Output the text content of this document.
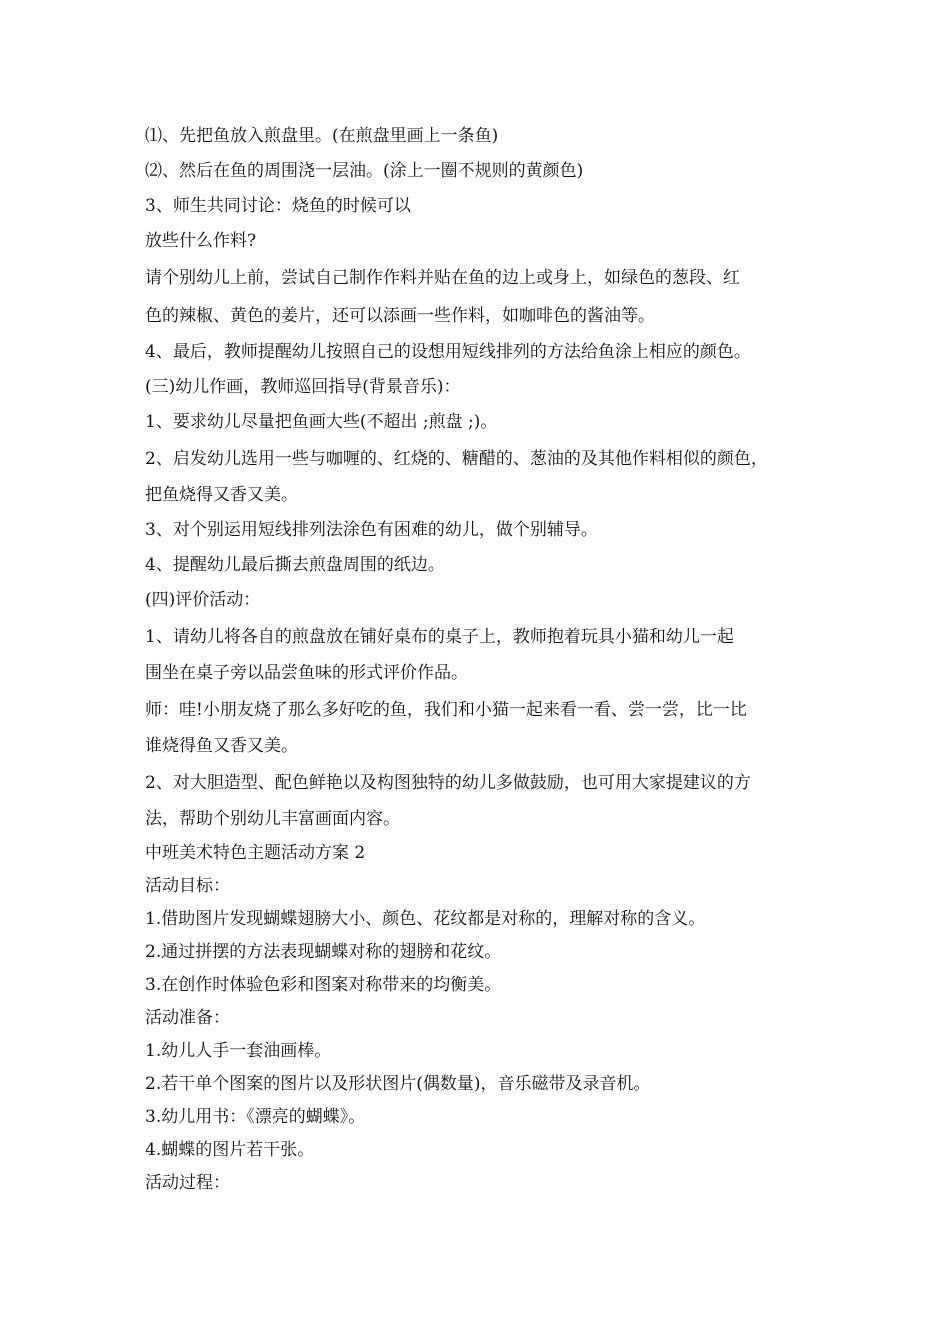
⑴、先把鱼放入煎盘里。(在煎盘里画上一条鱼)

⑵、然后在鱼的周围浇一层油。(涂上一圈不规则的黄颜色)

3、师生共同讨论：烧鱼的时候可以

放些什么作料?

请个别幼儿上前，尝试自己制作作料并贴在鱼的边上或身上，如绿色的葱段、红

色的辣椒、黄色的姜片，还可以添画一些作料，如咖啡色的酱油等。

4、最后，教师提醒幼儿按照自己的设想用短线排列的方法给鱼涂上相应的颜色。

(三)幼儿作画，教师巡回指导(背景音乐)：

1、要求幼儿尽量把鱼画大些(不超出 ;煎盘 ;)。

2、启发幼儿选用一些与咖喱的、红烧的、糖醋的、葱油的及其他作料相似的颜色，

把鱼烧得又香又美。

3、对个别运用短线排列法涂色有困难的幼儿，做个别辅导。

4、提醒幼儿最后撕去煎盘周围的纸边。

(四)评价活动：

1、请幼儿将各自的煎盘放在铺好桌布的桌子上，教师抱着玩具小猫和幼儿一起

围坐在桌子旁以品尝鱼味的形式评价作品。

师：哇!小朋友烧了那么多好吃的鱼，我们和小猫一起来看一看、尝一尝，比一比

谁烧得鱼又香又美。

2、对大胆造型、配色鲜艳以及构图独特的幼儿多做鼓励，也可用大家提建议的方

法，帮助个别幼儿丰富画面内容。

中班美术特色主题活动方案 2

活动目标：

1.借助图片发现蝴蝶翅膀大小、颜色、花纹都是对称的，理解对称的含义。

2.通过拼摆的方法表现蝴蝶对称的翅膀和花纹。

3.在创作时体验色彩和图案对称带来的均衡美。

活动准备：

1.幼儿人手一套油画棒。

2.若干单个图案的图片以及形状图片(偶数量)，音乐磁带及录音机。

3.幼儿用书：《漂亮的蝴蝶》。

4.蝴蝶的图片若干张。

活动过程：
